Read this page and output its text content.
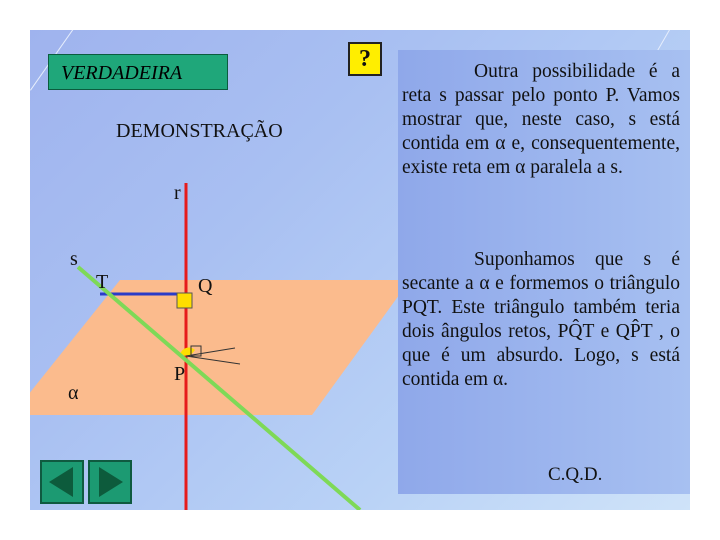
VERDADEIRA
?
DEMONSTRAÇÃO
r
s
T	Q
P
α

Outra possibilidade é a reta s passar pelo ponto P. Vamos mostrar que, neste caso, s está contida em α e, consequentemente, existe reta em α paralela a s.

Suponhamos que s é secante a α e formemos o triângulo PQT. Este triângulo também teria dois ângulos retos, PQ̂T e QP̂T , o que é um absurdo. Logo, s está contida em α.

C.Q.D.
